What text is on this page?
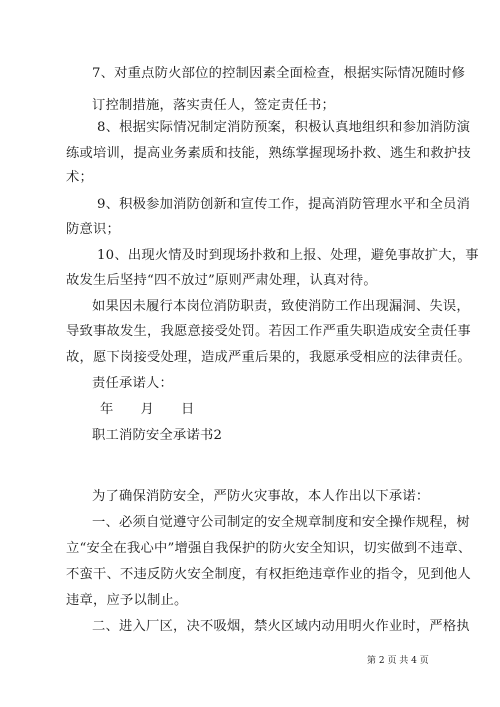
7、对重点防火部位的控制因素全面检查，根据实际情况随时修
订控制措施，落实责任人，签定责任书；
8、根据实际情况制定消防预案，积极认真地组织和参加消防演
练或培训，提高业务素质和技能，熟练掌握现场扑救、逃生和救护技
术；
9、积极参加消防创新和宣传工作，提高消防管理水平和全员消
防意识；
10、出现火情及时到现场扑救和上报、处理，避免事故扩大，事
故发生后坚持“四不放过”原则严肃处理，认真对待。
如果因未履行本岗位消防职责，致使消防工作出现漏洞、失误，
导致事故发生，我愿意接受处罚。若因工作严重失职造成安全责任事
故，愿下岗接受处理，造成严重后果的，我愿承受相应的法律责任。
责任承诺人：
年　　月　　日
职工消防安全承诺书2
为了确保消防安全，严防火灾事故，本人作出以下承诺：
一、必须自觉遵守公司制定的安全规章制度和安全操作规程，树
立“安全在我心中”增强自我保护的防火安全知识，切实做到不违章、
不蛮干、不违反防火安全制度，有权拒绝违章作业的指令，见到他人
违章，应予以制止。
二、进入厂区，决不吸烟，禁火区域内动用明火作业时，严格执
第 2 页 共 4 页
